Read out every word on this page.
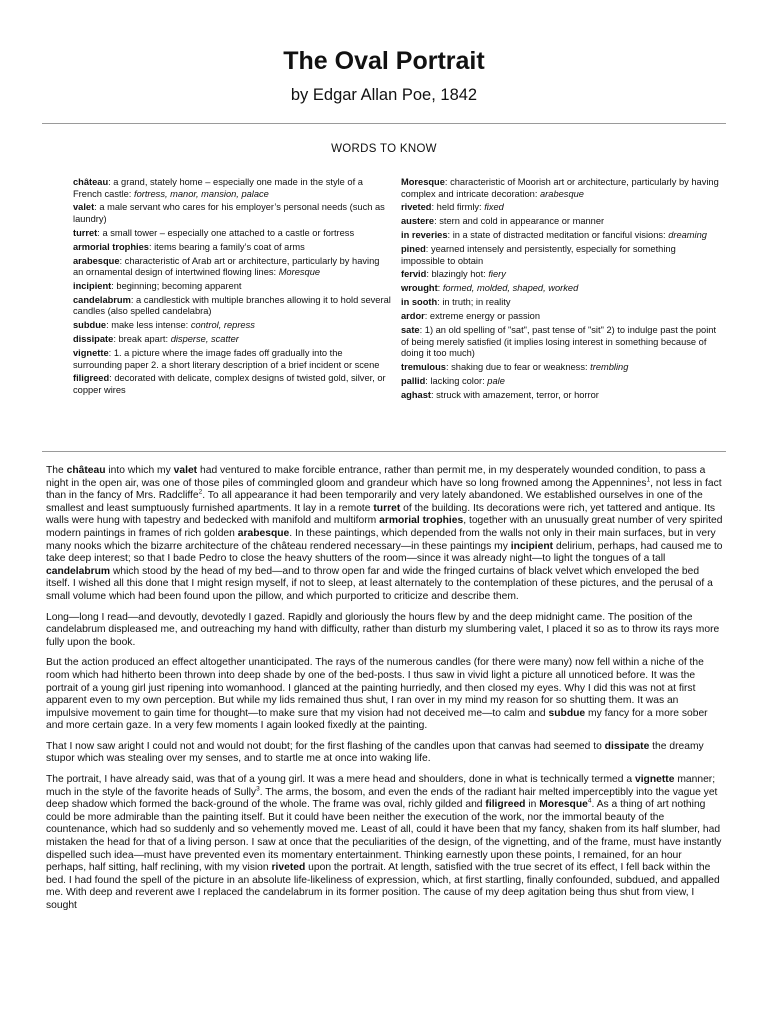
The Oval Portrait
by Edgar Allan Poe, 1842
WORDS TO KNOW

château: a grand, stately home – especially one made in the style of a French castle: fortress, manor, mansion, palace

valet: a male servant who cares for his employer’s personal needs (such as laundry)

turret: a small tower – especially one attached to a castle or fortress

armorial trophies: items bearing a family’s coat of arms

arabesque: characteristic of Arab art or architecture, particularly by having an ornamental design of intertwined flowing lines: Moresque

incipient: beginning; becoming apparent

candelabrum: a candlestick with multiple branches allowing it to hold several candles (also spelled candelabra)

subdue: make less intense: control, repress

dissipate: break apart: disperse, scatter

vignette: 1. a picture where the image fades off gradually into the surrounding paper 2. a short literary description of a brief incident or scene

filigreed: decorated with delicate, complex designs of twisted gold, silver, or copper wires

Moresque: characteristic of Moorish art or architecture, particularly by having complex and intricate decoration: arabesque

riveted: held firmly: fixed

austere: stern and cold in appearance or manner

in reveries: in a state of distracted meditation or fanciful visions: dreaming

pined: yearned intensely and persistently, especially for something impossible to obtain

fervid: blazingly hot: fiery

wrought: formed, molded, shaped, worked

in sooth: in truth; in reality

ardor: extreme energy or passion

sate: 1) an old spelling of "sat", past tense of "sit" 2) to indulge past the point of being merely satisfied (it implies losing interest in something because of doing it too much)

tremulous: shaking due to fear or weakness: trembling

pallid: lacking color: pale

aghast: struck with amazement, terror, or horror

The château into which my valet had ventured to make forcible entrance, rather than permit me, in my desperately wounded condition, to pass a night in the open air, was one of those piles of commingled gloom and grandeur which have so long frowned among the Appennines$^1$, not less in fact than in the fancy of Mrs. Radcliffe$^2$. To all appearance it had been temporarily and very lately abandoned. We established ourselves in one of the smallest and least sumptuously furnished apartments. It lay in a remote turret of the building. Its decorations were rich, yet tattered and antique. Its walls were hung with tapestry and bedecked with manifold and multiform armorial trophies, together with an unusually great number of very spirited modern paintings in frames of rich golden arabesque. In these paintings, which depended from the walls not only in their main surfaces, but in very many nooks which the bizarre architecture of the château rendered necessary—in these paintings my incipient delirium, perhaps, had caused me to take deep interest; so that I bade Pedro to close the heavy shutters of the room—since it was already night—to light the tongues of a tall candelabrum which stood by the head of my bed—and to throw open far and wide the fringed curtains of black velvet which enveloped the bed itself. I wished all this done that I might resign myself, if not to sleep, at least alternately to the contemplation of these pictures, and the perusal of a small volume which had been found upon the pillow, and which purported to criticize and describe them.

Long—long I read—and devoutly, devotedly I gazed. Rapidly and gloriously the hours flew by and the deep midnight came. The position of the candelabrum displeased me, and outreaching my hand with difficulty, rather than disturb my slumbering valet, I placed it so as to throw its rays more fully upon the book.

But the action produced an effect altogether unanticipated. The rays of the numerous candles (for there were many) now fell within a niche of the room which had hitherto been thrown into deep shade by one of the bed-posts. I thus saw in vivid light a picture all unnoticed before. It was the portrait of a young girl just ripening into womanhood. I glanced at the painting hurriedly, and then closed my eyes. Why I did this was not at first apparent even to my own perception. But while my lids remained thus shut, I ran over in my mind my reason for so shutting them. It was an impulsive movement to gain time for thought—to make sure that my vision had not deceived me—to calm and subdue my fancy for a more sober and more certain gaze. In a very few moments I again looked fixedly at the painting.

That I now saw aright I could not and would not doubt; for the first flashing of the candles upon that canvas had seemed to dissipate the dreamy stupor which was stealing over my senses, and to startle me at once into waking life.

The portrait, I have already said, was that of a young girl. It was a mere head and shoulders, done in what is technically termed a vignette manner; much in the style of the favorite heads of Sully$^3$. The arms, the bosom, and even the ends of the radiant hair melted imperceptibly into the vague yet deep shadow which formed the back-ground of the whole. The frame was oval, richly gilded and filigreed in Moresque$^4$. As a thing of art nothing could be more admirable than the painting itself. But it could have been neither the execution of the work, nor the immortal beauty of the countenance, which had so suddenly and so vehemently moved me. Least of all, could it have been that my fancy, shaken from its half slumber, had mistaken the head for that of a living person. I saw at once that the peculiarities of the design, of the vignetting, and of the frame, must have instantly dispelled such idea—must have prevented even its momentary entertainment. Thinking earnestly upon these points, I remained, for an hour perhaps, half sitting, half reclining, with my vision riveted upon the portrait. At length, satisfied with the true secret of its effect, I fell back within the bed. I had found the spell of the picture in an absolute life-likeliness of expression, which, at first startling, finally confounded, subdued, and appalled me. With deep and reverent awe I replaced the candelabrum in its former position. The cause of my deep agitation being thus shut from view, I sought
